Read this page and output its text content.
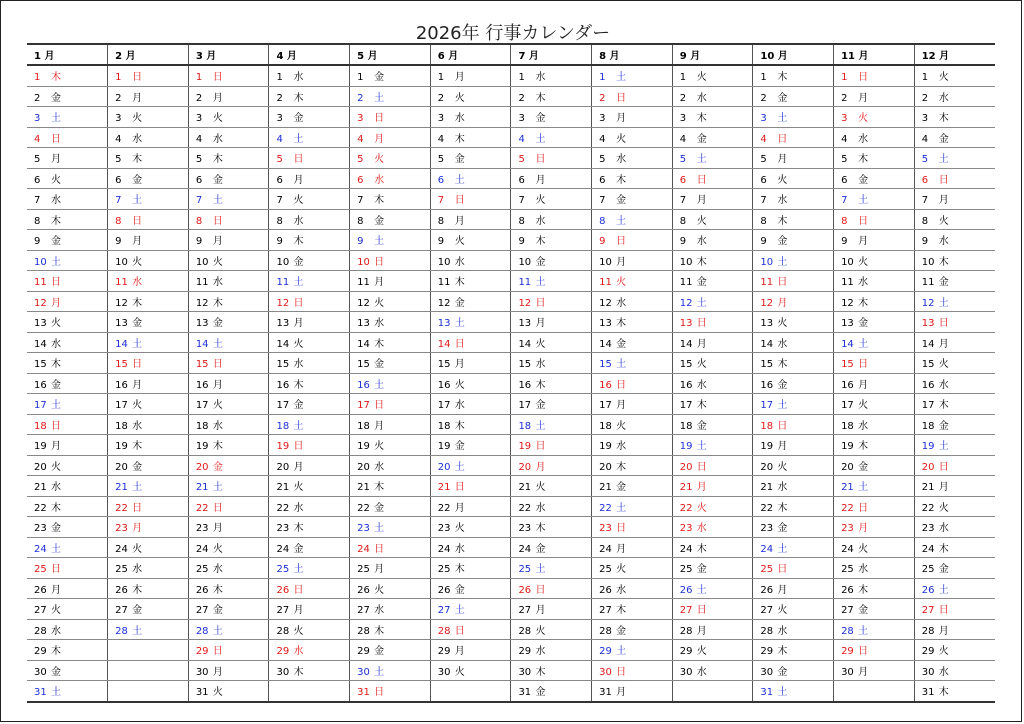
2026年 行事カレンダー
1 月	2 月	3 月	4 月	5 月	6 月	7 月	8 月	9 月	10 月	11 月	12 月
1 木	1 日	1 日	1 水	1 金	1 月	1 水	1 土	1 火	1 木	1 日	1 火
2 金	2 月	2 月	2 木	2 土	2 火	2 木	2 日	2 水	2 金	2 月	2 水
3 土	3 火	3 火	3 金	3 日	3 水	3 金	3 月	3 木	3 土	3 火	3 木
4 日	4 水	4 水	4 土	4 月	4 木	4 土	4 火	4 金	4 日	4 水	4 金
5 月	5 木	5 木	5 日	5 火	5 金	5 日	5 水	5 土	5 月	5 木	5 土
6 火	6 金	6 金	6 月	6 水	6 土	6 月	6 木	6 日	6 火	6 金	6 日
7 水	7 土	7 土	7 火	7 木	7 日	7 火	7 金	7 月	7 水	7 土	7 月
8 木	8 日	8 日	8 水	8 金	8 月	8 水	8 土	8 火	8 木	8 日	8 火
9 金	9 月	9 月	9 木	9 土	9 火	9 木	9 日	9 水	9 金	9 月	9 水
10 土	10 火	10 火	10 金	10 日	10 水	10 金	10 月	10 木	10 土	10 火	10 木
11 日	11 水	11 水	11 土	11 月	11 木	11 土	11 火	11 金	11 日	11 水	11 金
12 月	12 木	12 木	12 日	12 火	12 金	12 日	12 水	12 土	12 月	12 木	12 土
13 火	13 金	13 金	13 月	13 水	13 土	13 月	13 木	13 日	13 火	13 金	13 日
14 水	14 土	14 土	14 火	14 木	14 日	14 火	14 金	14 月	14 水	14 土	14 月
15 木	15 日	15 日	15 水	15 金	15 月	15 水	15 土	15 火	15 木	15 日	15 火
16 金	16 月	16 月	16 木	16 土	16 火	16 木	16 日	16 水	16 金	16 月	16 水
17 土	17 火	17 火	17 金	17 日	17 水	17 金	17 月	17 木	17 土	17 火	17 木
18 日	18 水	18 水	18 土	18 月	18 木	18 土	18 火	18 金	18 日	18 水	18 金
19 月	19 木	19 木	19 日	19 火	19 金	19 日	19 水	19 土	19 月	19 木	19 土
20 火	20 金	20 金	20 月	20 水	20 土	20 月	20 木	20 日	20 火	20 金	20 日
21 水	21 土	21 土	21 火	21 木	21 日	21 火	21 金	21 月	21 水	21 土	21 月
22 木	22 日	22 日	22 水	22 金	22 月	22 水	22 土	22 火	22 木	22 日	22 火
23 金	23 月	23 月	23 木	23 土	23 火	23 木	23 日	23 水	23 金	23 月	23 水
24 土	24 火	24 火	24 金	24 日	24 水	24 金	24 月	24 木	24 土	24 火	24 木
25 日	25 水	25 水	25 土	25 月	25 木	25 土	25 火	25 金	25 日	25 水	25 金
26 月	26 木	26 木	26 日	26 火	26 金	26 日	26 水	26 土	26 月	26 木	26 土
27 火	27 金	27 金	27 月	27 水	27 土	27 月	27 木	27 日	27 火	27 金	27 日
28 水	28 土	28 土	28 火	28 木	28 日	28 火	28 金	28 月	28 水	28 土	28 月
29 木		29 日	29 水	29 金	29 月	29 水	29 土	29 火	29 木	29 日	29 火
30 金		30 月	30 木	30 土	30 火	30 木	30 日	30 水	30 金	30 月	30 水
31 土		31 火		31 日		31 金	31 月		31 土		31 木
